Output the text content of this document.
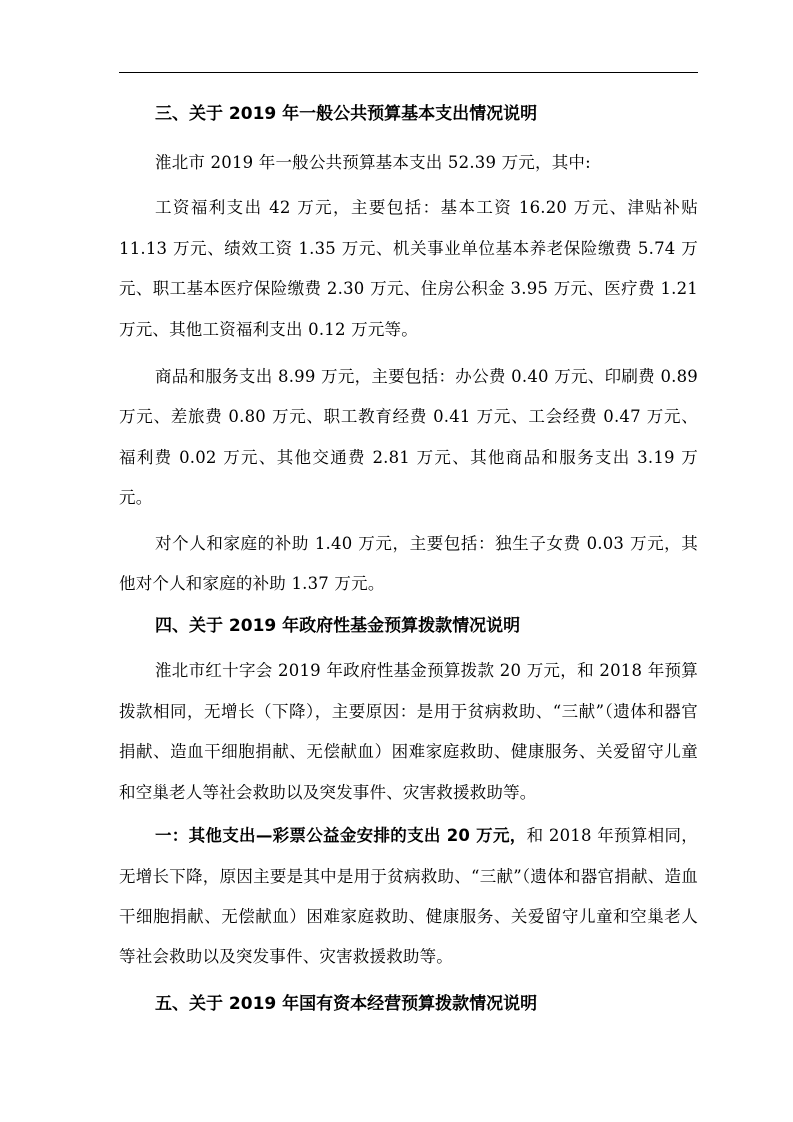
三、关于 2019 年一般公共预算基本支出情况说明

淮北市 2019 年一般公共预算基本支出 52.39 万元，其中:

工资福利支出 42 万元，主要包括：基本工资 16.20 万元、津贴补贴 11.13 万元、绩效工资 1.35 万元、机关事业单位基本养老保险缴费 5.74 万元、职工基本医疗保险缴费 2.30 万元、住房公积金 3.95 万元、医疗费 1.21 万元、其他工资福利支出 0.12 万元等。

商品和服务支出 8.99 万元，主要包括：办公费 0.40 万元、印刷费 0.89 万元、差旅费 0.80 万元、职工教育经费 0.41 万元、工会经费 0.47 万元、福利费 0.02 万元、其他交通费 2.81 万元、其他商品和服务支出 3.19 万元。

对个人和家庭的补助 1.40 万元，主要包括：独生子女费 0.03 万元，其他对个人和家庭的补助 1.37 万元。

四、关于 2019 年政府性基金预算拨款情况说明

淮北市红十字会 2019 年政府性基金预算拨款 20 万元，和 2018 年预算拨款相同，无增长（下降），主要原因：是用于贫病救助、“三献”（遗体和器官捐献、造血干细胞捐献、无偿献血）困难家庭救助、健康服务、关爱留守儿童和空巢老人等社会救助以及突发事件、灾害救援救助等。

一：其他支出—彩票公益金安排的支出 20 万元，和 2018 年预算相同，无增长下降，原因主要是其中是用于贫病救助、“三献”（遗体和器官捐献、造血干细胞捐献、无偿献血）困难家庭救助、健康服务、关爱留守儿童和空巢老人等社会救助以及突发事件、灾害救援救助等。

五、关于 2019 年国有资本经营预算拨款情况说明
